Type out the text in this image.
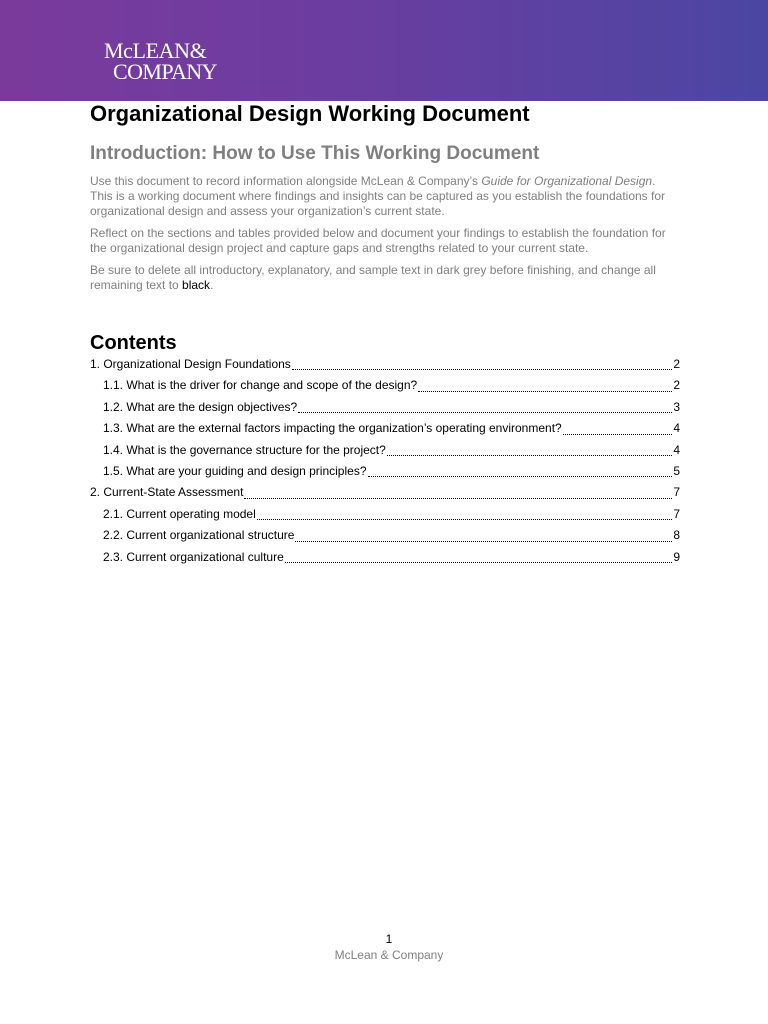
McLEAN&
COMPANY
Organizational Design Working Document
Introduction: How to Use This Working Document

Use this document to record information alongside McLean & Company’s Guide for Organizational Design. This is a working document where findings and insights can be captured as you establish the foundations for organizational design and assess your organization’s current state.

Reflect on the sections and tables provided below and document your findings to establish the foundation for the organizational design project and capture gaps and strengths related to your current state.

Be sure to delete all introductory, explanatory, and sample text in dark grey before finishing, and change all remaining text to black.

Contents
1. Organizational Design Foundations	2
1.1. What is the driver for change and scope of the design?	2
1.2. What are the design objectives?	3
1.3. What are the external factors impacting the organization’s operating environment?	4
1.4. What is the governance structure for the project?	4
1.5. What are your guiding and design principles?	5
2. Current-State Assessment	7
2.1. Current operating model	7
2.2. Current organizational structure	8
2.3. Current organizational culture	9
1
McLean & Company
